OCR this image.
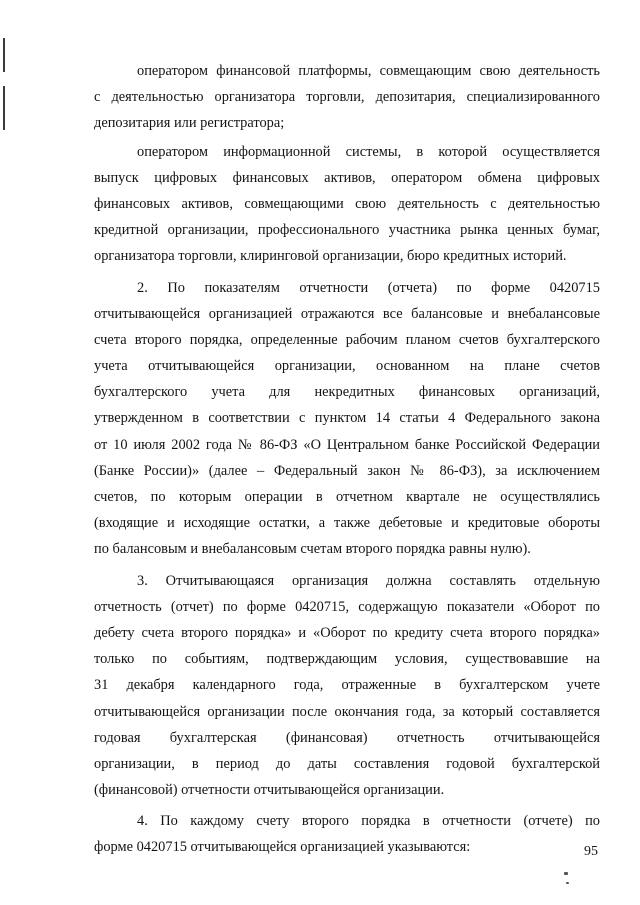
оператором финансовой платформы, совмещающим свою деятельность
с деятельностью организатора торговли, депозитария, специализированного
депозитария или регистратора;
оператором информационной системы, в которой осуществляется
выпуск цифровых финансовых активов, оператором обмена цифровых
финансовых активов, совмещающими свою деятельность с деятельностью
кредитной организации, профессионального участника рынка ценных бумаг,
организатора торговли, клиринговой организации, бюро кредитных историй.
2. По показателям отчетности (отчета) по форме 0420715
отчитывающейся организацией отражаются все балансовые и внебалансовые
счета второго порядка, определенные рабочим планом счетов бухгалтерского
учета отчитывающейся организации, основанном на плане счетов
бухгалтерского учета для некредитных финансовых организаций,
утвержденном в соответствии с пунктом 14 статьи 4 Федерального закона
от 10 июля 2002 года № 86-ФЗ «О Центральном банке Российской Федерации
(Банке России)» (далее – Федеральный закон № 86-ФЗ), за исключением
счетов, по которым операции в отчетном квартале не осуществлялись
(входящие и исходящие остатки, а также дебетовые и кредитовые обороты
по балансовым и внебалансовым счетам второго порядка равны нулю).
3. Отчитывающаяся организация должна составлять отдельную
отчетность (отчет) по форме 0420715, содержащую показатели «Оборот по
дебету счета второго порядка» и «Оборот по кредиту счета второго порядка»
только по событиям, подтверждающим условия, существовавшие на
31 декабря календарного года, отраженные в бухгалтерском учете
отчитывающейся организации после окончания года, за который составляется
годовая бухгалтерская (финансовая) отчетность отчитывающейся
организации, в период до даты составления годовой бухгалтерской
(финансовой) отчетности отчитывающейся организации.
4. По каждому счету второго порядка в отчетности (отчете) по
форме 0420715 отчитывающейся организацией указываются:	95
